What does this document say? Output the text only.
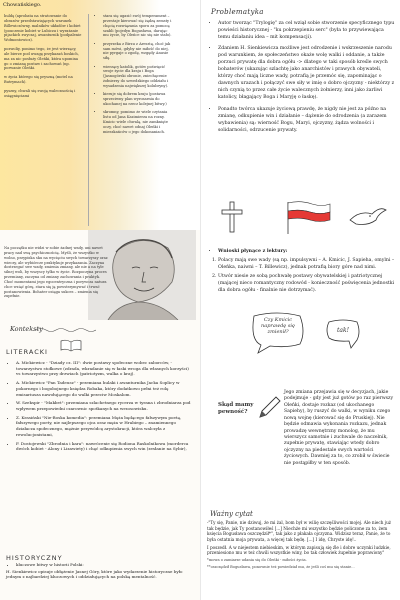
Chowańskiego.

huldę (aprobata na stratowanie do obrazów przedstawiających warunek Billewiczówny, malników układów i kobiet (pouczenie kobiet w Lubiczu i wyrażanie pijackich zwyczaj, awanturnik (podpalenie Wołmontowicz).

pozwoliy, ponimo tego, że jest wierzący, ale bierze pod uwagę przykazań boskich, ma za nic posłuży Oleńki, która upomina go o zmianę postaw i zachowań (np. porwanie Oleńki.

w życia którego się pryszną (motel na Butrymach).

pyszny, chwali się swoją walecznością i osiągnięciami

• stara się ugasić swój temperament – przestaje kierować się żądzą zemsty i chęcią rozwiązania sporu za pomocą szabli (pojedyn Bogusława, darując mu życie, by Oleńce nic się nie stało).
• przyrzeka z Birzu z Aresztą, choć jak sam mówi, gdyby nie miłość do niej, nie pyrgaje o zgodę, wzgędy Anusie siłę.
• wierzący katolik, gotów poświęcić swoje życie dla kraju i Boga (Jasnogórski obronie, zniechęcenie żołnierzy do szwedzkiego oddziału i wysadzenia największej kolubryny).
• kieruje się dobrem kraju (postawa sprzeciwny plan wyrosarnia do ukochanej na rzecz kolejnej bitwy.)
• skromny, pomimo że wiele czytania listu od Jana Kazimierza na rozny. Kmicic wiele chwalą, nie zamknięte oczy, choć nawet odnaj Oleńki i mieszkańców o jego dokonaniach.
Na początku nie widzi w sobie żadnej wady, uni nawet pracy nad swą psychicznością. Myśli, że wszystko w wolno, przypiska sku na wycięciu swych towarzyszy oraz wieczy, ale wybiórcze praktykuje przykazania. Zaczyna dostrzegać swe wady, zmienia zmiany, ale nie a na tyle silnej woli, by wszyscy tylko w życie. Rozpoczyna proces przemiany, zaczyna od zmiany zachowania i praktyk. Choć momentami jego egocentryczna i porywcza natura chce wziąć górę, stara się ją powstrzymywać i trwać postanowienia. Bohater osiąga sukces – zmienia się zupełnie.
Konteksty
LITERACKI
• A. Mickiewicz - "Dziady cz. III": dwie postawy społeczne wobec zaborców, - towarzystwo stołkowe (zdrada, wkradanie się w łaski wroga dla własnych korzyści) vs towarzystwo przy drzwiach (patriotyzm, walka o kraj).
• A. Mickiewicz "Pan Tadeusz" - przemiana hulaki i awanturnika Jacka Soplicy w pokornego i bogobojnego księdza Robaka, który dodatkowo pełni też rolę emisariusza nawołującego do walki przeciw Moskalom.
• W. Szekspir - "Makbet": przemiana szlachetnego rycerza w tyrana i zbrodniarza pod wpływem przepowiedni czarownic spotkanych na wrzosowisku.
• Z. Krasiński "Nie-Boska komedia": przemiana Męża będącego fałszywym poetą, fałszywego poety, nie najlepszego ojca oraz męża w Hrabiego – znamiennego działacza społecznego, mężnie przywódcę arystokracji, która walczyła z rewolucjonistami,
• F. Dostojewski "Zbrodnia i kara": nawrócenie się Rodiona Raskolnikowa (morderca dwóch kobiet - Alony i Lizawiety) i chęć odkupienia swych win (zesłanie na Sybir),
HISTORYCZNY
• kluczowe bitwy w historii Polski:

H. Sienkiewicz opisuje obłężenie Jasnej Góry, które jako wydarzenie historyczne było jednym z najbardziej kluczowych i oddziałujących na polską mentalność.

Problematyka
• Autor tworząc "Trylogię" za cel wziął sobie stworzenie specyficznego typu powieści historycznej - "ku pokrzepieniu serc" (była to przywiewająca temu działaniu idea – mit kompensacji).
• Zdaniem H. Sienkiewicza możliwe jest odrodzenie i wskrzeszenie narodu pod warunkiem, że społeczeństwo okaże wolę walki i oddanie, a także porzuci prywatę dla dobra ogółu -> dlatego w taki sposób kreśle swych bohaterów (ukazując szlachtę jako anarchistów i prawych obywateli, którzy choć mają liczne wady, potrafią je przemóc się, zapominając o dawnych urazach i połączyć swe siły w imię o dobro ojczyzny - niektórzy z nich czynią to przez całe życie walecznych żołnierzy, inni jako żarliwi katolicy, błagający Boga i Maryję o łaskę).
• Ponadto twórca ukazuje życiową prawdę, że nigdy nie jest za późno na zmianę, odkupienie win i działanie – dążenie do odrodzenia (a zarazem wybawienia) są: wierność Bogu, Maryi, ojczyzny, żądza wolności i solidarności, odrzucenie prywaty.
• Wnioski płynące z lektury:
1. Polacy mają swe wady (są np. impulsywni – A. Kmicic, J. Sapieha, omylni – Oleńka, naiwni – T. Billewicz), jednak potrafią biory góre nad nimi.
2. Utwór niesie ze sobą pochwałę postawy obywatelskiej i patriotycznej (mającej nieco romantyczny rodowód - konieczność poświęcenia jednostki dla dobra ogółu - finalnie nie dotrzymać).
Czy Kmicic naprawdę się zmienił?	tak!
Skąd mamy pewność?
Jego zmiana przejawia się w decyzjach, jakie podejmuje - gdy jest już gotów po raz pierwszy Oleńki, dostaje rozkaz (od ukochanego Sapiehy), by ruszyć do walki, w wyniku czego nową wojnę (kierować się do Pruskiej). Nie będzie odmawia wykonania rozkazu, jednak prowadzę wewnętrzny monolog, że mu wierszycz samotnie i zuchwale do naczelnik, zupełnie prywatę, stawiając wtedy dobro ojczyzny na piedestale swych wartości życiowych. Dawniej za to, co zrobił w świecie nie postąpiłby w ten sposób.
Ważny cytat

-"Ty się, Panie, nie dziwuj, że mi żal, bom był w wilię szczęśliwości mojej. Ale niech już tak będzie, jak Ty postanowiłeś [...] Niechże mi wszystko będzie policzone za to, żem księcia Bogusława oszczędził*", tak jako z płakała ojczyzna. Widzisz teraz, Panie, że to była ostatnia moja prywata, a więcej tak będę. [...] I idę, Chryste idę!..

I poszedł. A w niejestem niebieskim, w którym zapisują się źle i dobre uczynki ludzkie, przeniesiono mu w też chwili wszystkie winy, bo tak człowiek żupełnie poprawiony"

*mowa o zamiarze udania się do Oleńki - miłości życia.

**oszczędził Bogusława, ponownie też powiedział mu, że jeśli coś mu się stanie...
